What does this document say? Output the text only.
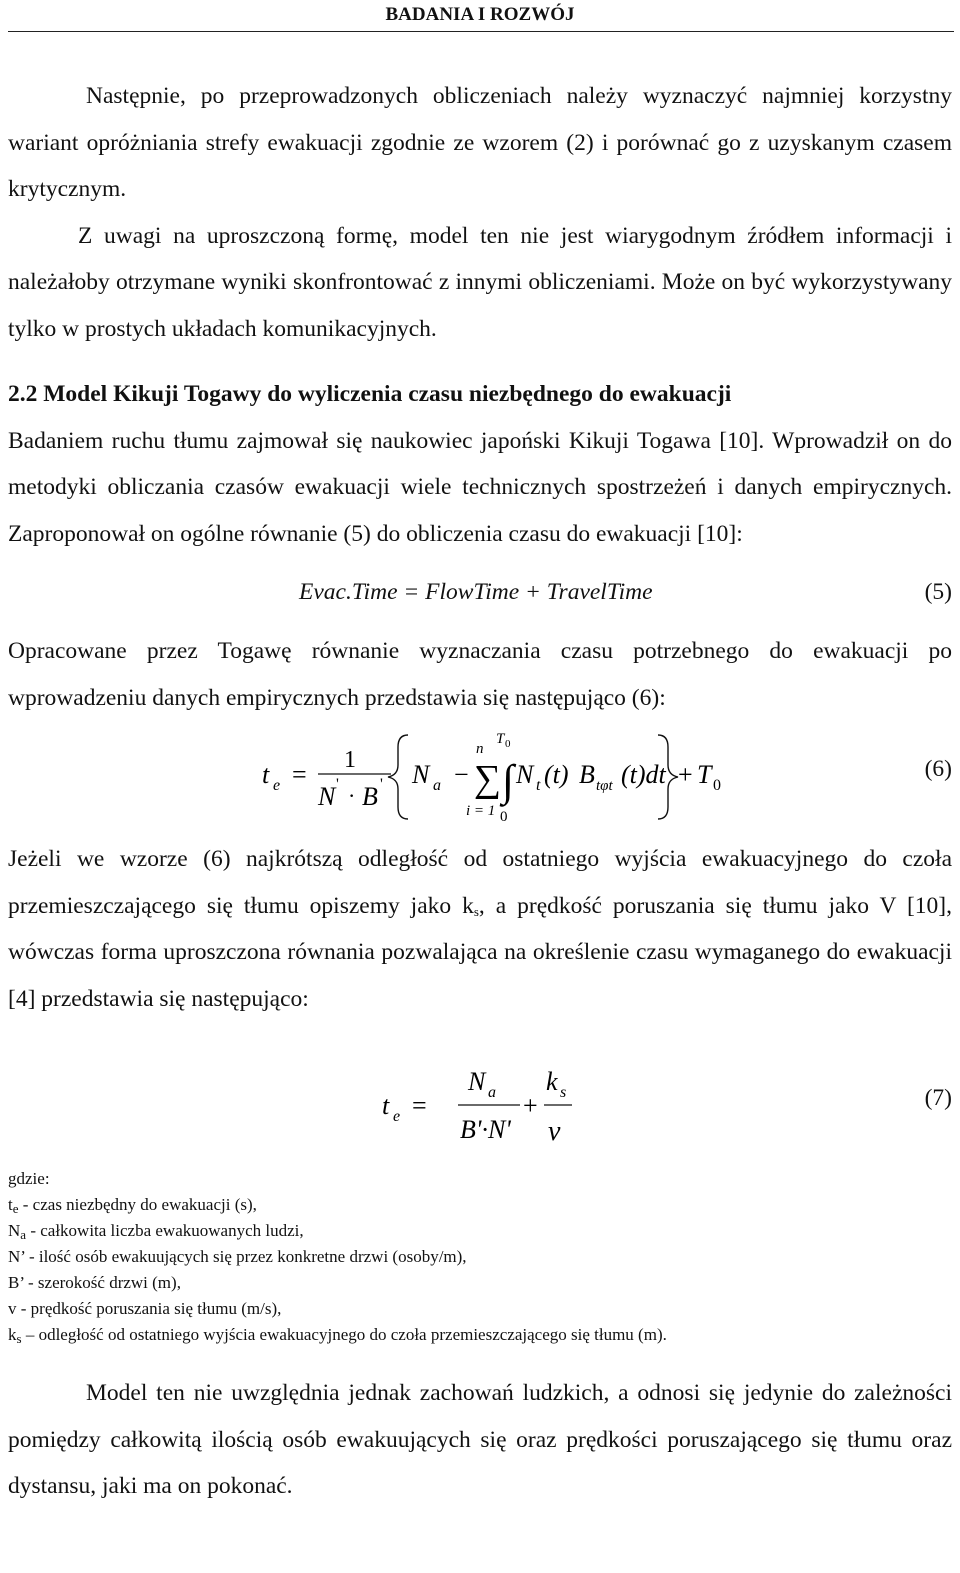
BADANIA I ROZWÓJ

Następnie, po przeprowadzonych obliczeniach należy wyznaczyć najmniej korzystny wariant opróżniania strefy ewakuacji zgodnie ze wzorem (2) i porównać go z uzyskanym czasem krytycznym.

Z uwagi na uproszczoną formę, model ten nie jest wiarygodnym źródłem informacji i należałoby otrzymane wyniki skonfrontować z innymi obliczeniami. Może on być wykorzystywany tylko w prostych układach komunikacyjnych.

2.2 Model Kikuji Togawy do wyliczenia czasu niezbędnego do ewakuacji

Badaniem ruchu tłumu zajmował się naukowiec japoński Kikuji Togawa [10]. Wprowadził on do metodyki obliczania czasów ewakuacji wiele technicznych spostrzeżeń i danych empirycznych. Zaproponował on ogólne równanie (5) do obliczenia czasu do ewakuacji [10]:

Evac.Time = FlowTime + TravelTime	(5)

Opracowane przez Togawę równanie wyznaczania czasu potrzebnego do ewakuacji po wprowadzeniu danych empirycznych przedstawia się następująco (6):

t e = 1
N ' · B ' N a − ∑
n
i = 1
∫
T 0
0
N t (t) B tφt (t)dt + T 0
(6)

Jeżeli we wzorze (6) najkrótszą odległość od ostatniego wyjścia ewakuacyjnego do czoła przemieszczającego się tłumu opiszemy jako $k_s$, a prędkość poruszania się tłumu jako V [10], wówczas forma uproszczona równania pozwalająca na określenie czasu wymaganego do ewakuacji [4] przedstawia się następująco:

t e =
N a
B'·N'
+
k s
ν
(7)
gdzie:
$t_e$ - czas niezbędny do ewakuacji (s),
$N_a$ - całkowita liczba ewakuowanych ludzi,
N’ - ilość osób ewakuujących się przez konkretne drzwi (osoby/m),
B’ - szerokość drzwi (m),
v - prędkość poruszania się tłumu (m/s),
$k_s$ – odległość od ostatniego wyjścia ewakuacyjnego do czoła przemieszczającego się tłumu (m).

Model ten nie uwzględnia jednak zachowań ludzkich, a odnosi się jedynie do zależności pomiędzy całkowitą ilością osób ewakuujących się oraz prędkości poruszającego się tłumu oraz dystansu, jaki ma on pokonać.
